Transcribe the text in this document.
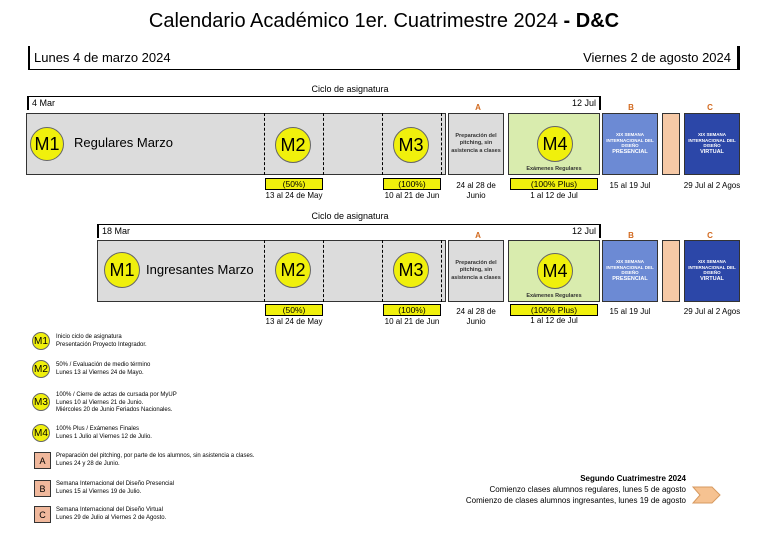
Calendario Académico 1er. Cuatrimestre 2024 - D&C
Lunes 4 de marzo 2024	Viernes 2 de agosto 2024
Ciclo de asignatura
4 Mar	12 Jul
A	B	C
M1	Regulares Marzo	M2	M3	Preparación del pitching, sin asistencia a clases	M4
Exámenes Regulares
XIX SEMANA INTERNACIONAL DEL DISEÑO
PRESENCIAL
XIX SEMANA INTERNACIONAL DEL DISEÑO
VIRTUAL
(50%)
13 al 24 de May
(100%)
10 al 21 de Jun
24 al 28 de Junio
(100% Plus)
1 al 12 de Jul
15 al 19 Jul	29 Jul al 2 Agos
Ciclo de asignatura
18 Mar	12 Jul
A	B	C
M1 Ingresantes Marzo	M2	M3	Preparación del pitching, sin asistencia a clases	M4
Exámenes Regulares
XIX SEMANA INTERNACIONAL DEL DISEÑO
PRESENCIAL
XIX SEMANA INTERNACIONAL DEL DISEÑO
VIRTUAL
(50%)
13 al 24 de May
(100%)
10 al 21 de Jun
24 al 28 de Junio
(100% Plus)
1 al 12 de Jul
15 al 19 Jul	29 Jul al 2 Agos
M1	Inicio ciclo de asignatura
Presentación Proyecto Integrador.
M2	50% / Evaluación de medio término
Lunes 13 al Viernes 24 de Mayo.
M3
100% / Cierre de actas de cursada por MyUP
Lunes 10 al Viernes 21 de Junio.
Miércoles 20 de Junio Feriados Nacionales.
M4	100% Plus / Exámenes Finales
Lunes 1 Julio al Viernes 12 de Julio.
A	Preparación del pitching, por parte de los alumnos, sin asistencia a clases.
Lunes 24 y 28 de Junio.
B	Semana Internacional del Diseño Presencial
Lunes 15 al Viernes 19 de Julio.
C	Semana Internacional del Diseño Virtual
Lunes 29 de Julio al Viernes 2 de Agosto.
Segundo Cuatrimestre 2024
Comienzo clases alumnos regulares, lunes 5 de agosto
Comienzo de clases alumnos ingresantes, lunes 19 de agosto
